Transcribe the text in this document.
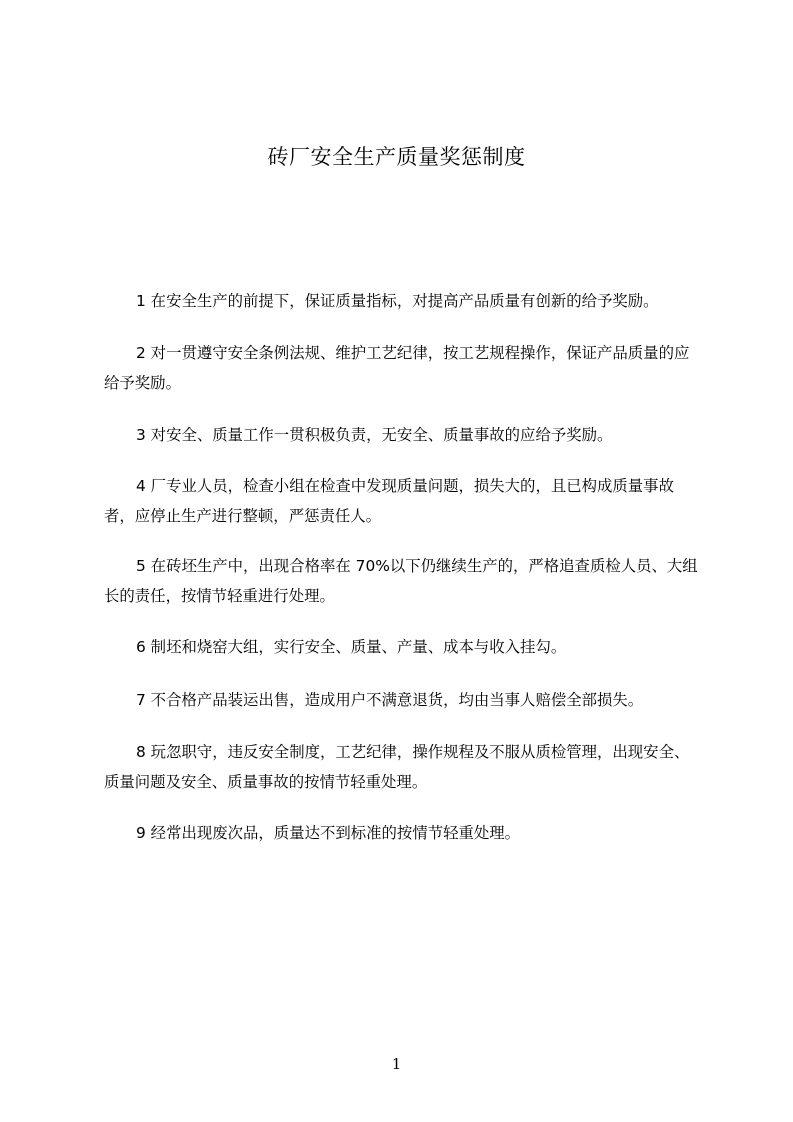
砖厂安全生产质量奖惩制度

1 在安全生产的前提下，保证质量指标，对提高产品质量有创新的给予奖励。

2 对一贯遵守安全条例法规、维护工艺纪律，按工艺规程操作，保证产品质量的应给予奖励。

3 对安全、质量工作一贯积极负责，无安全、质量事故的应给予奖励。

4 厂专业人员，检查小组在检查中发现质量问题，损失大的，且已构成质量事故者，应停止生产进行整顿，严惩责任人。

5 在砖坯生产中，出现合格率在 70%以下仍继续生产的，严格追查质检人员、大组长的责任，按情节轻重进行处理。

6 制坯和烧窑大组，实行安全、质量、产量、成本与收入挂勾。

7 不合格产品装运出售，造成用户不满意退货，均由当事人赔偿全部损失。

8 玩忽职守，违反安全制度，工艺纪律，操作规程及不服从质检管理，出现安全、质量问题及安全、质量事故的按情节轻重处理。

9 经常出现废次品，质量达不到标准的按情节轻重处理。

1
